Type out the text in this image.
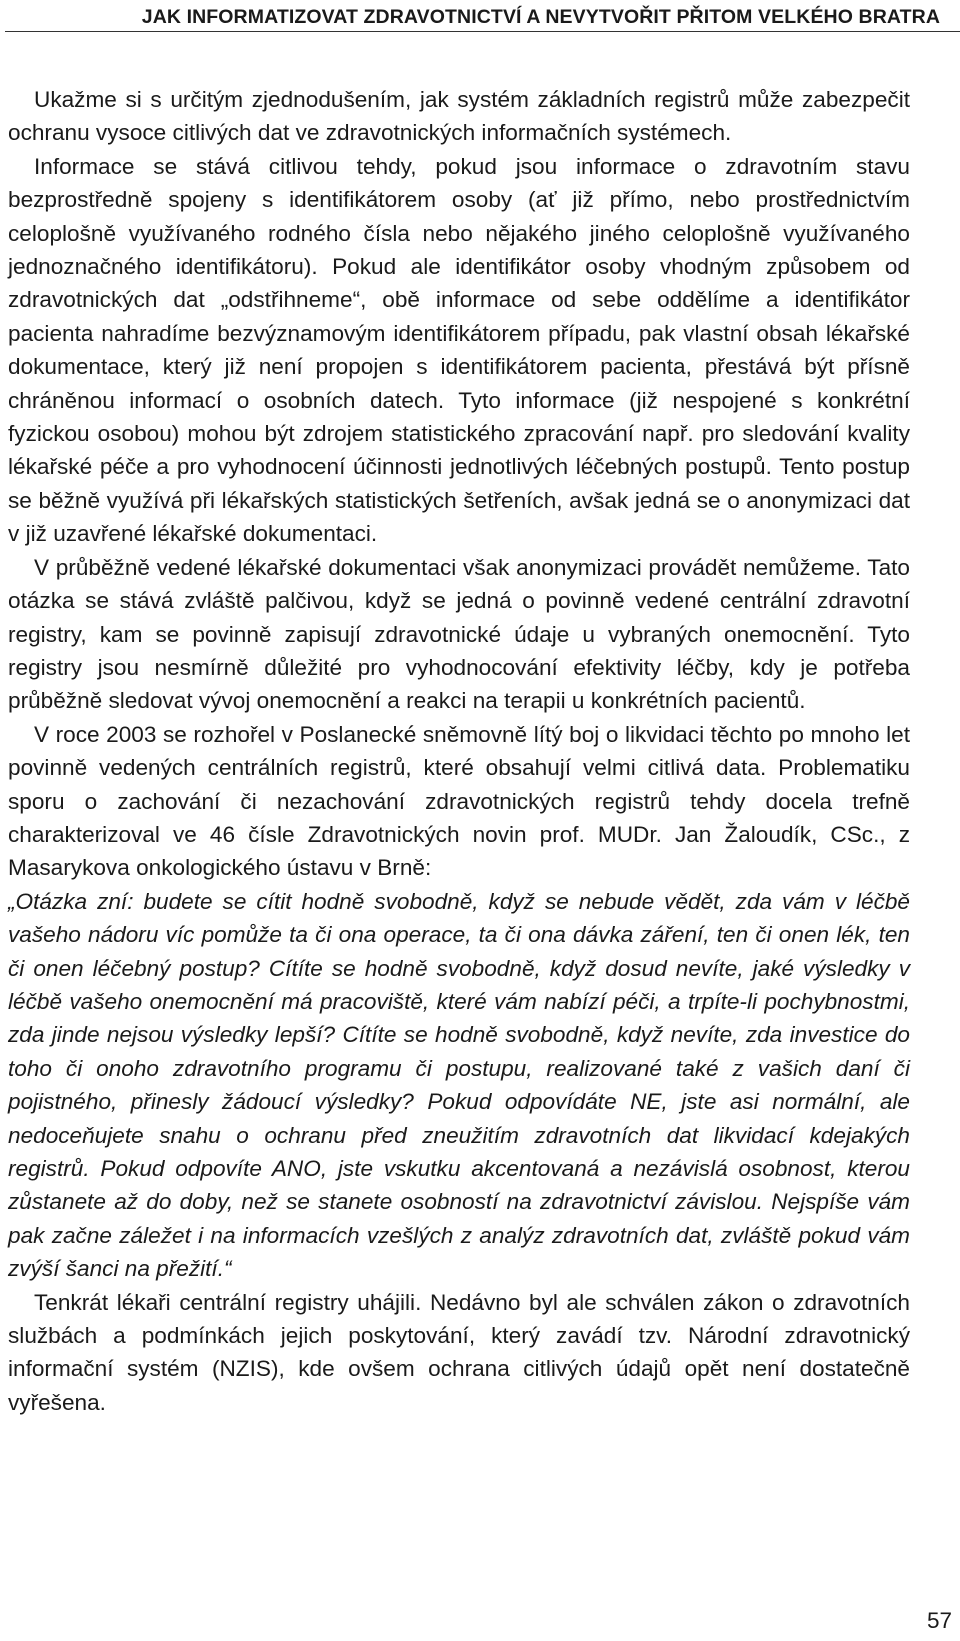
JAK INFORMATIZOVAT ZDRAVOTNICTVÍ A NEVYTVOŘIT PŘITOM VELKÉHO BRATRA

Ukažme si s určitým zjednodušením, jak systém základních registrů může zabezpečit ochranu vysoce citlivých dat ve zdravotnických informačních systémech.

Informace se stává citlivou tehdy, pokud jsou informace o zdravotním stavu bezprostředně spojeny s identifikátorem osoby (ať již přímo, nebo prostřednictvím celoplošně využívaného rodného čísla nebo nějakého jiného celoplošně využívaného jednoznačného identifikátoru). Pokud ale identifikátor osoby vhodným způsobem od zdravotnických dat „odstřihneme“, obě informace od sebe oddělíme a identifikátor pacienta nahradíme bezvýznamovým identifikátorem případu, pak vlastní obsah lékařské dokumentace, který již není propojen s identifikátorem pacienta, přestává být přísně chráněnou informací o osobních datech. Tyto informace (již nespojené s konkrétní fyzickou osobou) mohou být zdrojem statistického zpracování např. pro sledování kvality lékařské péče a pro vyhodnocení účinnosti jednotlivých léčebných postupů. Tento postup se běžně využívá při lékařských statistických šetřeních, avšak jedná se o anonymizaci dat v již uzavřené lékařské dokumentaci.

V průběžně vedené lékařské dokumentaci však anonymizaci provádět nemůžeme. Tato otázka se stává zvláště palčivou, když se jedná o povinně vedené centrální zdravotní registry, kam se povinně zapisují zdravotnické údaje u vybraných onemocnění. Tyto registry jsou nesmírně důležité pro vyhodnocování efektivity léčby, kdy je potřeba průběžně sledovat vývoj onemocnění a reakci na terapii u konkrétních pacientů.

V roce 2003 se rozhořel v Poslanecké sněmovně lítý boj o likvidaci těchto po mnoho let povinně vedených centrálních registrů, které obsahují velmi citlivá data. Problematiku sporu o zachování či nezachování zdravotnických registrů tehdy docela trefně charakterizoval ve 46 čísle Zdravotnických novin prof. MUDr. Jan Žaloudík, CSc., z Masarykova onkologického ústavu v Brně:

„Otázka zní: budete se cítit hodně svobodně, když se nebude vědět, zda vám v léčbě vašeho nádoru víc pomůže ta či ona operace, ta či ona dávka záření, ten či onen lék, ten či onen léčebný postup? Cítíte se hodně svobodně, když dosud nevíte, jaké výsledky v léčbě vašeho onemocnění má pracoviště, které vám nabízí péči, a trpíte-li pochybnostmi, zda jinde nejsou výsledky lepší? Cítíte se hodně svobodně, když nevíte, zda investice do toho či onoho zdravotního programu či postupu, realizované také z vašich daní či pojistného, přinesly žádoucí výsledky? Pokud odpovídáte NE, jste asi normální, ale nedoceňujete snahu o ochranu před zneužitím zdravotních dat likvidací kdejakých registrů. Pokud odpovíte ANO, jste vskutku akcentovaná a nezávislá osobnost, kterou zůstanete až do doby, než se stanete osobností na zdravotnictví závislou. Nejspíše vám pak začne záležet i na informacích vzešlých z analýz zdravotních dat, zvláště pokud vám zvýší šanci na přežití.“

Tenkrát lékaři centrální registry uhájili. Nedávno byl ale schválen zákon o zdravotních službách a podmínkách jejich poskytování, který zavádí tzv. Národní zdravotnický informační systém (NZIS), kde ovšem ochrana citlivých údajů opět není dostatečně vyřešena.

57
